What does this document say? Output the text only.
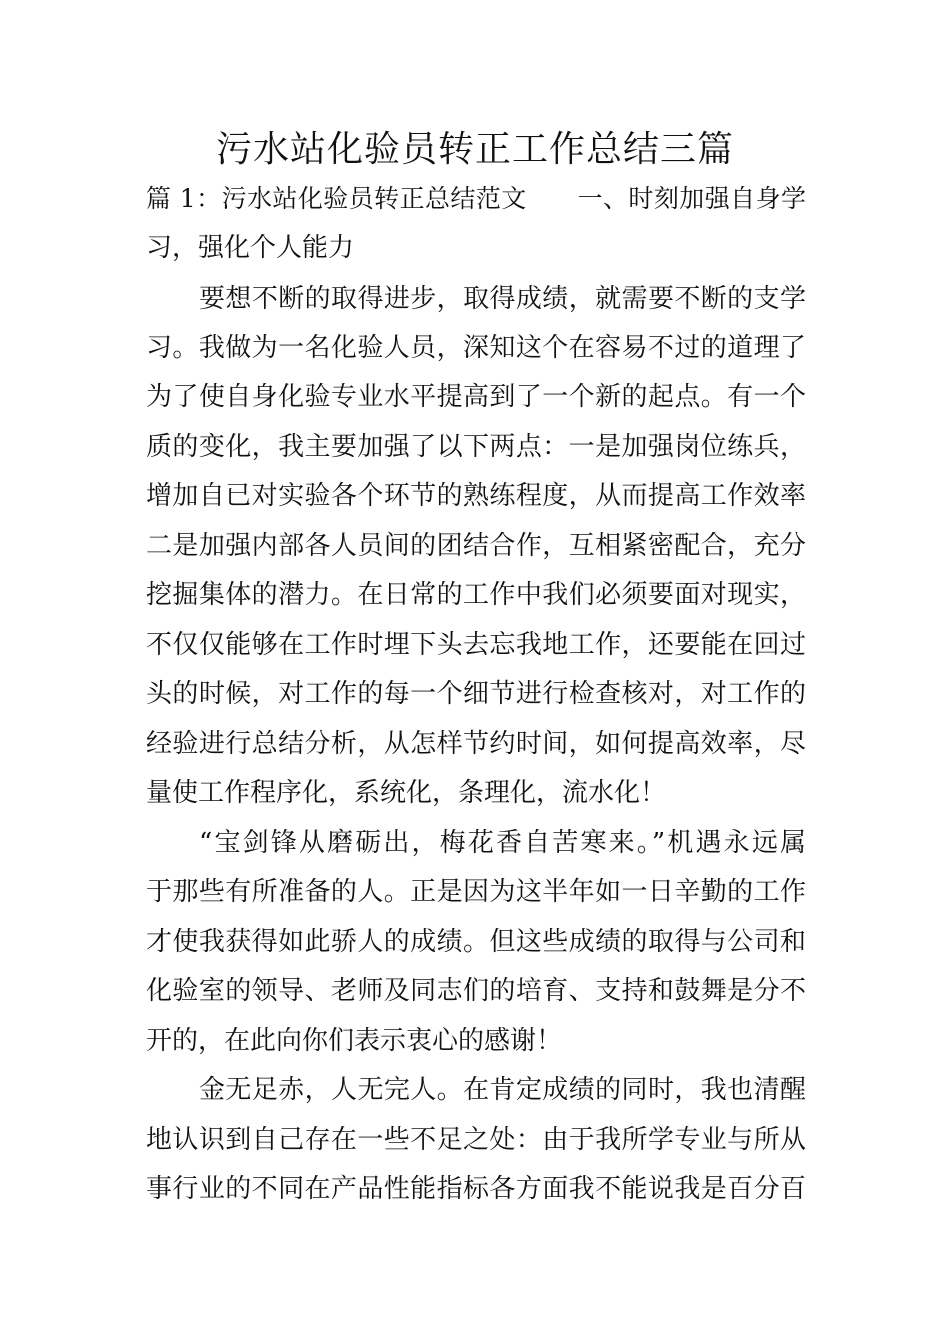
污水站化验员转正工作总结三篇
篇 1：污水站化验员转正总结范文　　一、时刻加强自身学
习，强化个人能力
要想不断的取得进步，取得成绩，就需要不断的支学
习。我做为一名化验人员，深知这个在容易不过的道理了
为了使自身化验专业水平提高到了一个新的起点。有一个
质的变化，我主要加强了以下两点：一是加强岗位练兵，
增加自已对实验各个环节的熟练程度，从而提高工作效率
二是加强内部各人员间的团结合作，互相紧密配合，充分
挖掘集体的潜力。在日常的工作中我们必须要面对现实，
不仅仅能够在工作时埋下头去忘我地工作，还要能在回过
头的时候，对工作的每一个细节进行检查核对，对工作的
经验进行总结分析，从怎样节约时间，如何提高效率，尽
量使工作程序化，系统化，条理化，流水化！
“宝剑锋从磨砺出，梅花香自苦寒来。”机遇永远属
于那些有所准备的人。正是因为这半年如一日辛勤的工作
才使我获得如此骄人的成绩。但这些成绩的取得与公司和
化验室的领导、老师及同志们的培育、支持和鼓舞是分不
开的，在此向你们表示衷心的感谢！
金无足赤，人无完人。在肯定成绩的同时，我也清醒
地认识到自己存在一些不足之处：由于我所学专业与所从
事行业的不同在产品性能指标各方面我不能说我是百分百
